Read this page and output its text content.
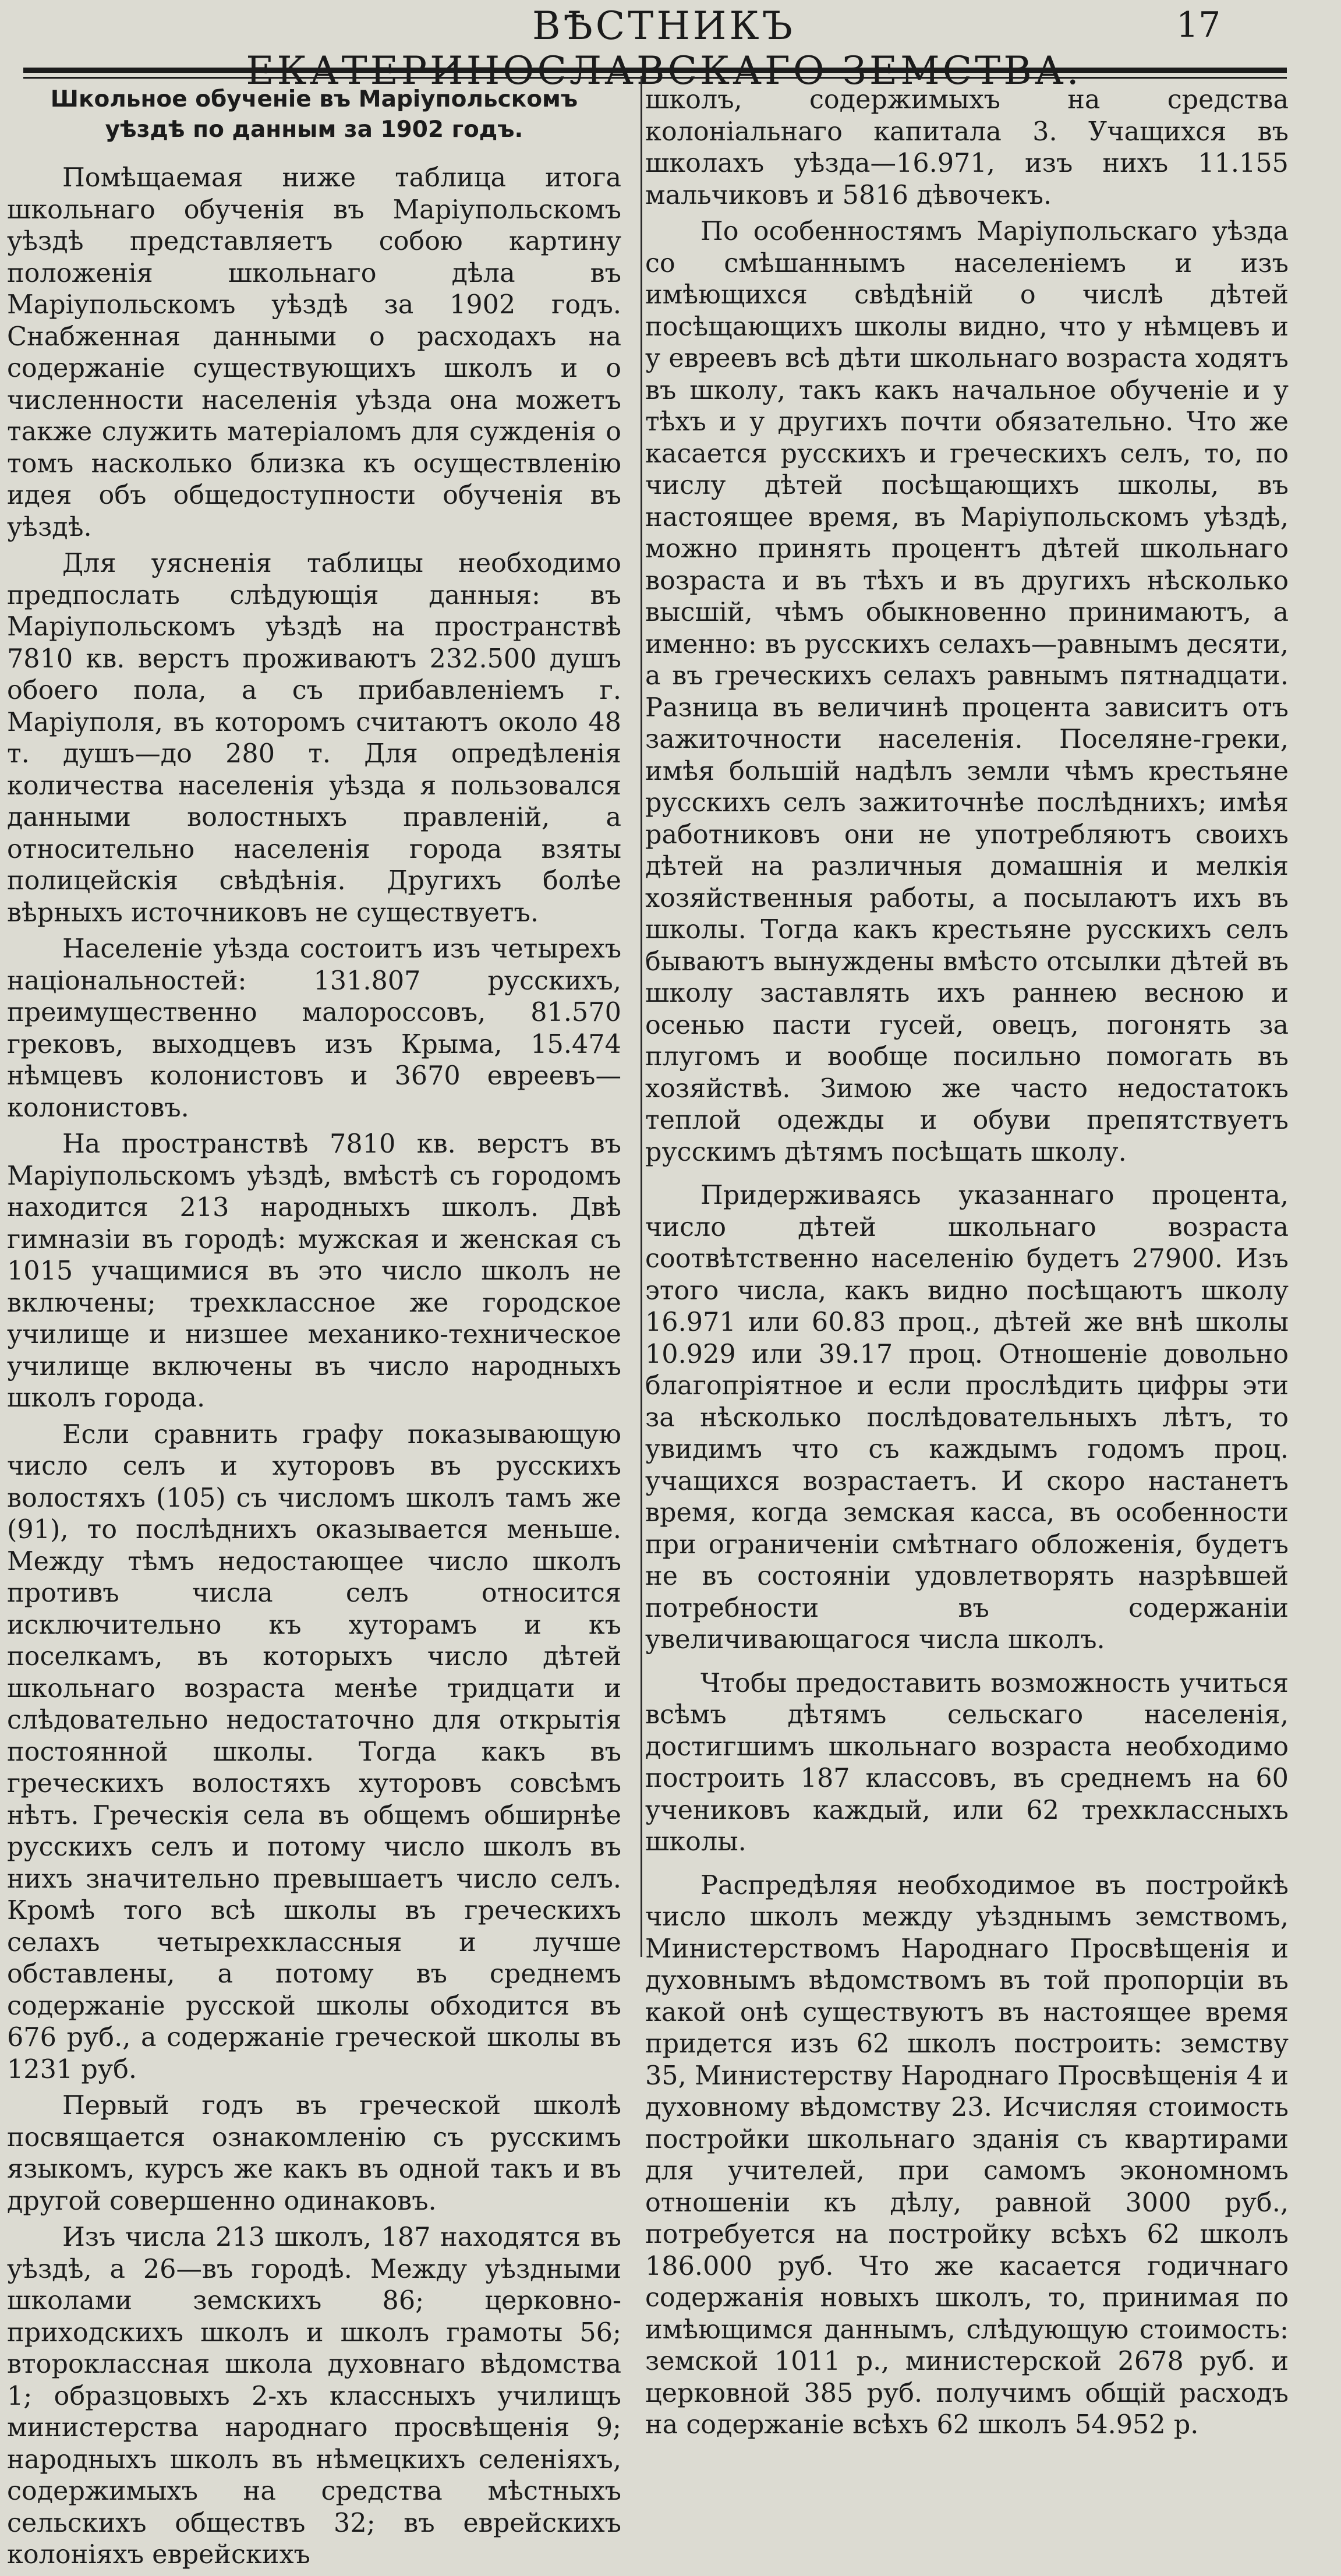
ВѢСТНИКЪ	17
Школьное обученіе въ Маріупольскомъ уѣздѣ по данным за 1902 годъ.

Помѣщаемая ниже таблица итога школьнаго обученія въ Маріупольскомъ уѣздѣ представляетъ собою картину положенія школьнаго дѣла въ Маріупольскомъ уѣздѣ за 1902 годъ. Снабженная данными о расходахъ на содержаніе существующихъ школъ и о численности населенія уѣзда она можетъ также служить матеріаломъ для сужденія о томъ насколько близка къ осуществленію идея объ общедоступности обученія въ уѣздѣ.

Для уясненія таблицы необходимо предпослать слѣдующія данныя: въ Маріупольскомъ уѣздѣ на пространствѣ 7810 кв. верстъ проживаютъ 232.500 душъ обоего пола, а съ прибавленіемъ г. Маріуполя, въ которомъ считаютъ около 48 т. душъ—до 280 т. Для опредѣленія количества населенія уѣзда я пользовался данными волостныхъ правленій, а относительно населенія города взяты полицейскія свѣдѣнія. Другихъ болѣе вѣрныхъ источниковъ не существуетъ.

Населеніе уѣзда состоитъ изъ четырехъ національностей: 131.807 русскихъ, преимущественно малороссовъ, 81.570 грековъ, выходцевъ изъ Крыма, 15.474 нѣмцевъ колонистовъ и 3670 евреевъ—колонистовъ.

На пространствѣ 7810 кв. верстъ въ Маріупольскомъ уѣздѣ, вмѣстѣ съ городомъ находится 213 народныхъ школъ. Двѣ гимназіи въ городѣ: мужская и женская съ 1015 учащимися въ это число школъ не включены; трехклассное же городское училище и низшее механико-техническое училище включены въ число народныхъ школъ города.

Если сравнить графу показывающую число селъ и хуторовъ въ русскихъ волостяхъ (105) съ числомъ школъ тамъ же (91), то послѣднихъ оказывается меньше. Между тѣмъ недостающее число школъ противъ числа селъ относится исключительно къ хуторамъ и къ поселкамъ, въ которыхъ число дѣтей школьнаго возраста менѣе тридцати и слѣдовательно недостаточно для открытія постоянной школы. Тогда какъ въ греческихъ волостяхъ хуторовъ совсѣмъ нѣтъ. Греческія села въ общемъ обширнѣе русскихъ селъ и потому число школъ въ нихъ значительно превышаетъ число селъ. Кромѣ того всѣ школы въ греческихъ селахъ четырехклассныя и лучше обставлены, а потому въ среднемъ содержаніе русской школы обходится въ 676 руб., а содержаніе греческой школы въ 1231 руб.

Первый годъ въ греческой школѣ посвящается ознакомленію съ русскимъ языкомъ, курсъ же какъ въ одной такъ и въ другой совершенно одинаковъ.

Изъ числа 213 школъ, 187 находятся въ уѣздѣ, а 26—въ городѣ. Между уѣздными школами земскихъ 86; церковно-приходскихъ школъ и школъ грамоты 56; второклассная школа духовнаго вѣдомства 1; образцовыхъ 2-хъ классныхъ училищъ министерства народнаго просвѣщенія 9; народныхъ школъ въ нѣмецкихъ селеніяхъ, содержимыхъ на средства мѣстныхъ сельскихъ обществъ 32; въ еврейскихъ колоніяхъ еврейскихъ

школъ, содержимыхъ на средства колоніальнаго капитала 3. Учащихся въ школахъ уѣзда—16.971, изъ нихъ 11.155 мальчиковъ и 5816 дѣвочекъ.

По особенностямъ Маріупольскаго уѣзда со смѣшаннымъ населеніемъ и изъ имѣющихся свѣдѣній о числѣ дѣтей посѣщающихъ школы видно, что у нѣмцевъ и у евреевъ всѣ дѣти школьнаго возраста ходятъ въ школу, такъ какъ начальное обученіе и у тѣхъ и у другихъ почти обязательно. Что же касается русскихъ и греческихъ селъ, то, по числу дѣтей посѣщающихъ школы, въ настоящее время, въ Маріупольскомъ уѣздѣ, можно принять процентъ дѣтей школьнаго возраста и въ тѣхъ и въ другихъ нѣсколько высшій, чѣмъ обыкновенно принимаютъ, а именно: въ русскихъ селахъ—равнымъ десяти, а въ греческихъ селахъ равнымъ пятнадцати. Разница въ величинѣ процента зависитъ отъ зажиточности населенія. Поселяне-греки, имѣя большій надѣлъ земли чѣмъ крестьяне русскихъ селъ зажиточнѣе послѣднихъ; имѣя работниковъ они не употребляютъ своихъ дѣтей на различныя домашнія и мелкія хозяйственныя работы, а посылаютъ ихъ въ школы. Тогда какъ крестьяне русскихъ селъ бываютъ вынуждены вмѣсто отсылки дѣтей въ школу заставлять ихъ раннею весною и осенью пасти гусей, овецъ, погонять за плугомъ и вообще посильно помогать въ хозяйствѣ. Зимою же часто недостатокъ теплой одежды и обуви препятствуетъ русскимъ дѣтямъ посѣщать школу.

Придерживаясь указаннаго процента, число дѣтей школьнаго возраста соотвѣтственно населенію будетъ 27900. Изъ этого числа, какъ видно посѣщаютъ школу 16.971 или 60.83 проц., дѣтей же внѣ школы 10.929 или 39.17 проц. Отношеніе довольно благопріятное и если прослѣдить цифры эти за нѣсколько послѣдовательныхъ лѣтъ, то увидимъ что съ каждымъ годомъ проц. учащихся возрастаетъ. И скоро настанетъ время, когда земская касса, въ особенности при ограниченіи смѣтнаго обложенія, будетъ не въ состояніи удовлетворять назрѣвшей потребности въ содержаніи увеличивающагося числа школъ.

Чтобы предоставить возможность учиться всѣмъ дѣтямъ сельскаго населенія, достигшимъ школьнаго возраста необходимо построить 187 классовъ, въ среднемъ на 60 учениковъ каждый, или 62 трехклассныхъ школы.

Распредѣляя необходимое въ постройкѣ число школъ между уѣзднымъ земствомъ, Министерствомъ Народнаго Просвѣщенія и духовнымъ вѣдомствомъ въ той пропорціи въ какой онѣ существуютъ въ настоящее время придется изъ 62 школъ построить: земству 35, Министерству Народнаго Просвѣщенія 4 и духовному вѣдомству 23. Исчисляя стоимость постройки школьнаго зданія съ квартирами для учителей, при самомъ экономномъ отношеніи къ дѣлу, равной 3000 руб., потребуется на постройку всѣхъ 62 школъ 186.000 руб. Что же касается годичнаго содержанія новыхъ школъ, то, принимая по имѣющимся даннымъ, слѣдующую стоимость: земской 1011 р., министерской 2678 руб. и церковной 385 руб. получимъ общій расходъ на содержаніе всѣхъ 62 школъ 54.952 р.
